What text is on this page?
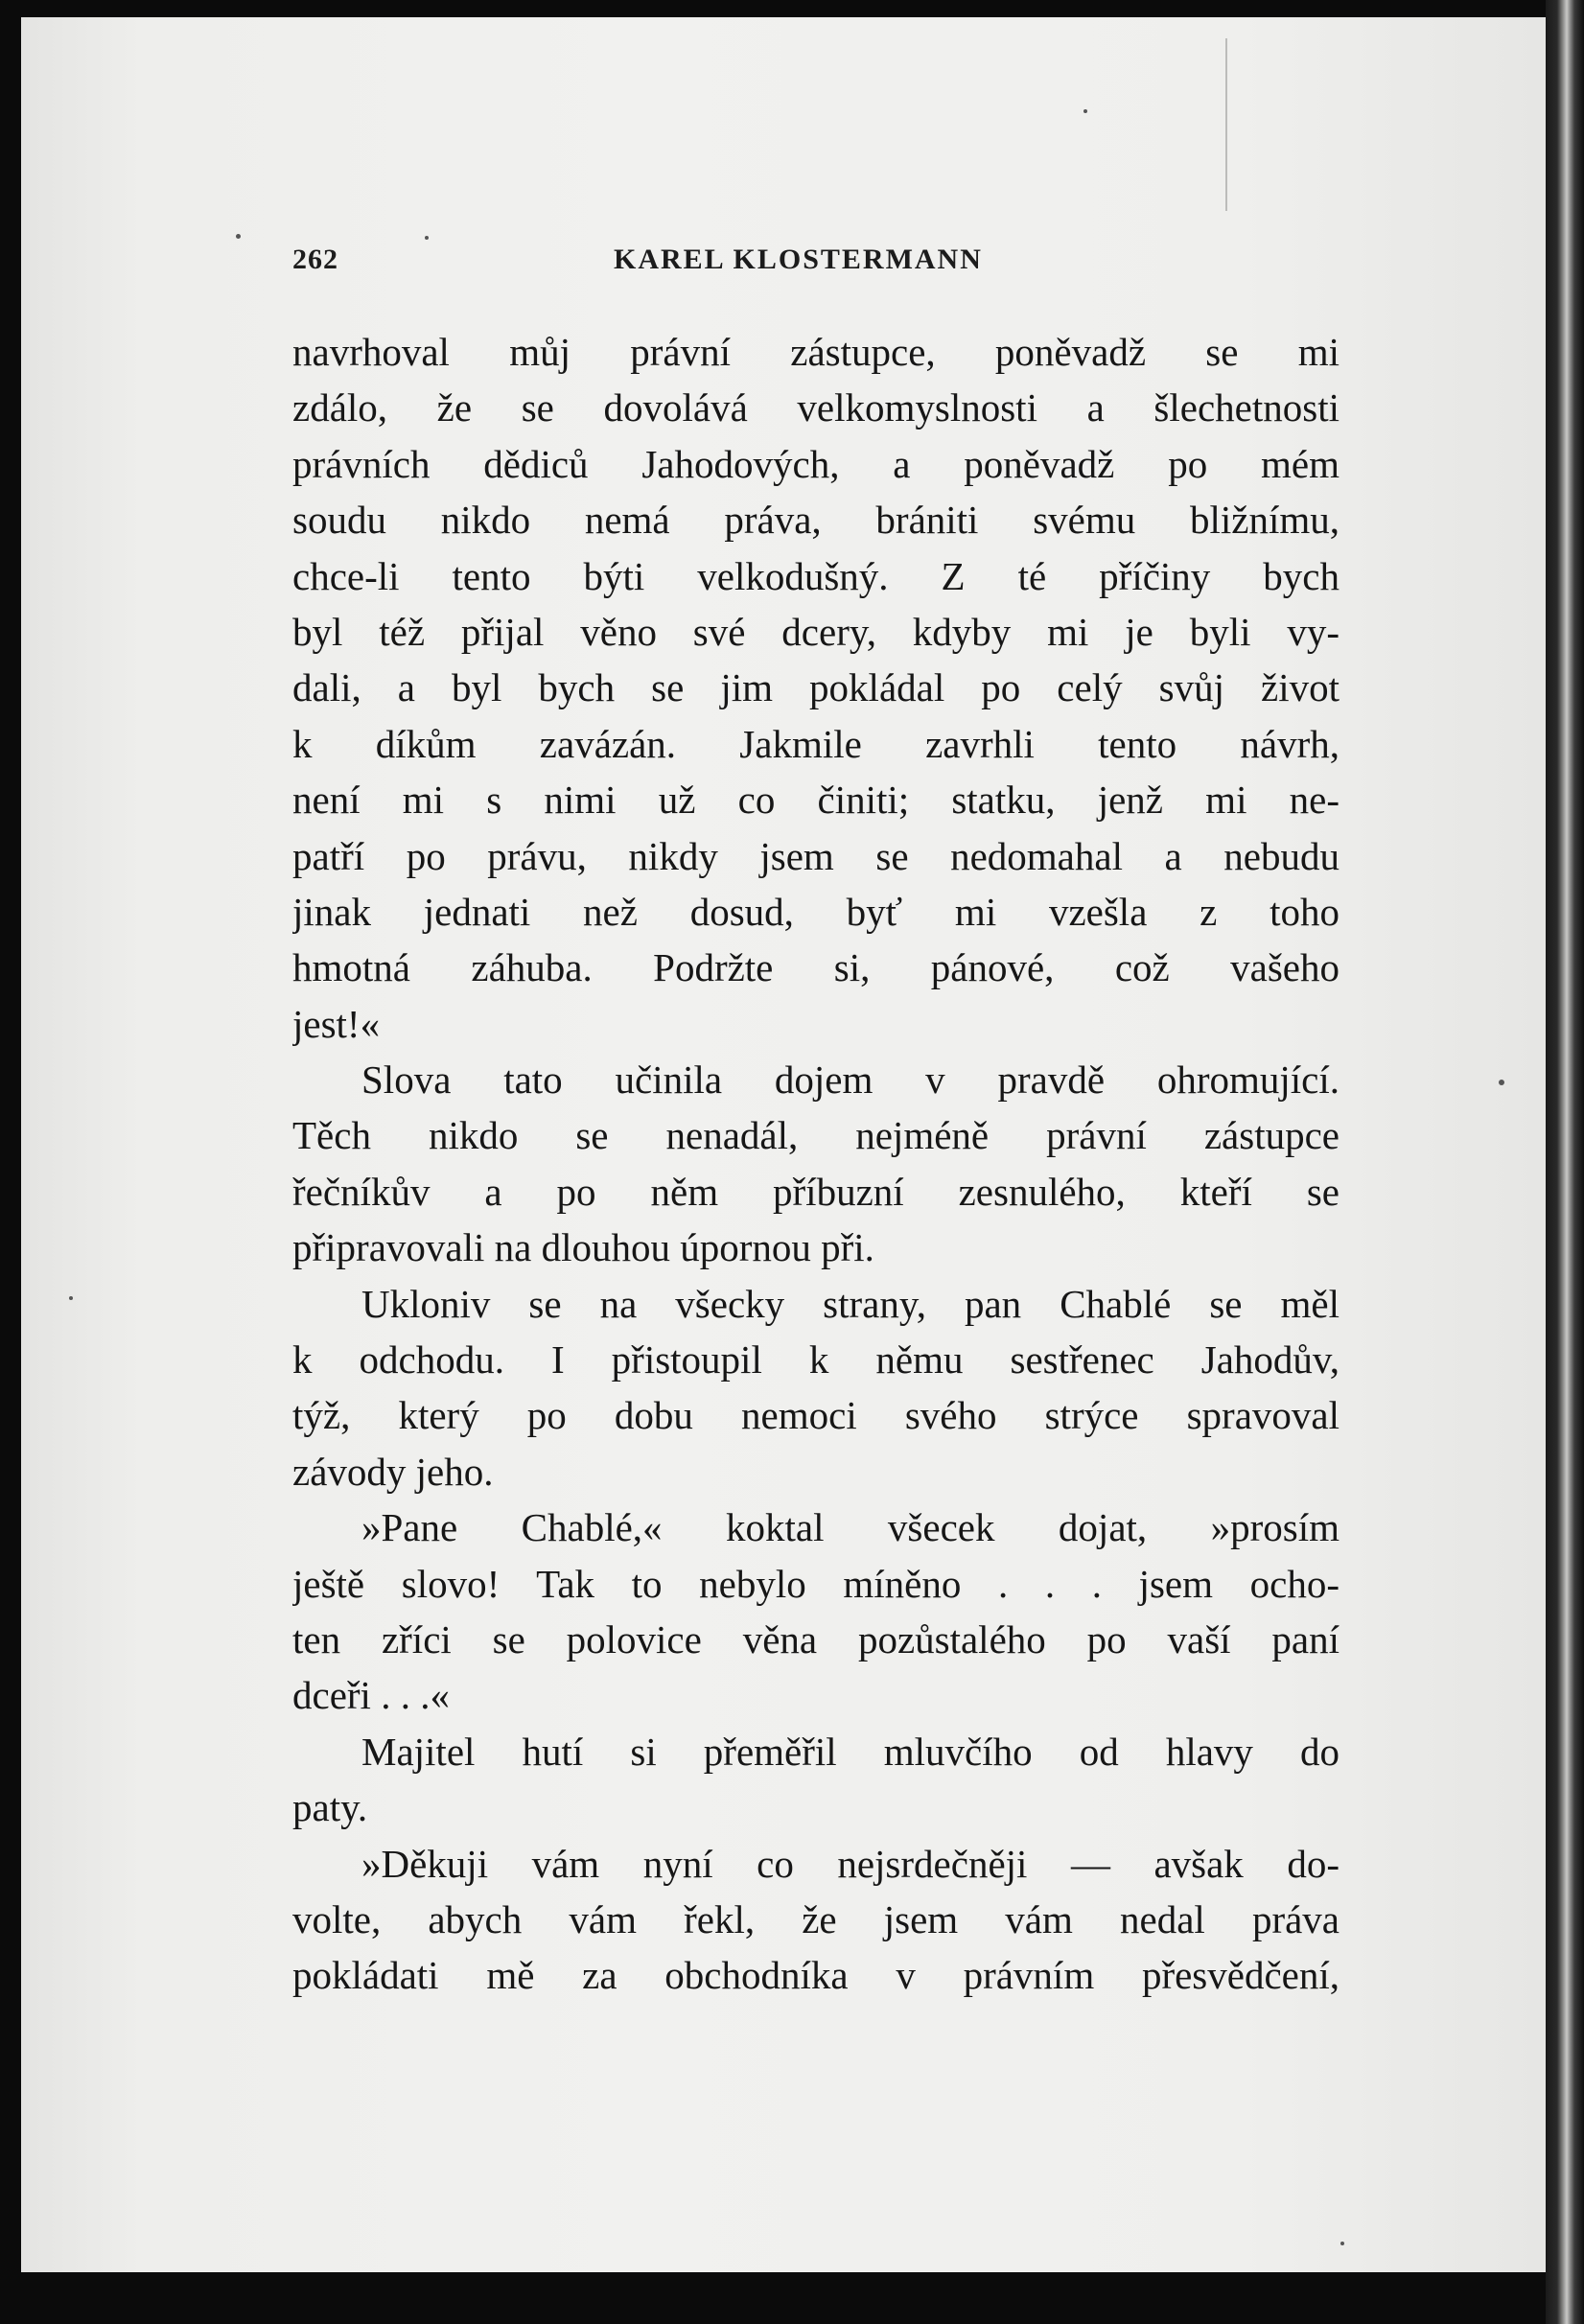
262	KAREL KLOSTERMANN
navrhoval můj právní zástupce, poněvadž se mi
zdálo, že se dovolává velkomyslnosti a šlechetnosti
právních dědiců Jahodových, a poněvadž po mém
soudu nikdo nemá práva, brániti svému bližnímu,
chce-li tento býti velkodušný. Z té příčiny bych
byl též přijal věno své dcery, kdyby mi je byli vy-
dali, a byl bych se jim pokládal po celý svůj život
k díkům zavázán. Jakmile zavrhli tento návrh,
není mi s nimi už co činiti; statku, jenž mi ne-
patří po právu, nikdy jsem se nedomahal a nebudu
jinak jednati než dosud, byť mi vzešla z toho
hmotná záhuba. Podržte si, pánové, což vašeho
jest!«
Slova tato učinila dojem v pravdě ohromující.
Těch nikdo se nenadál, nejméně právní zástupce
řečníkův a po něm příbuzní zesnulého, kteří se
připravovali na dlouhou úpornou při.
Ukloniv se na všecky strany, pan Chablé se měl
k odchodu. I přistoupil k němu sestřenec Jahodův,
týž, který po dobu nemoci svého strýce spravoval
závody jeho.
»Pane Chablé,« koktal všecek dojat, »prosím
ještě slovo! Tak to nebylo míněno . . . jsem ocho-
ten zříci se polovice věna pozůstalého po vaší paní
dceři . . .«
Majitel hutí si přeměřil mluvčího od hlavy do
paty.
»Děkuji vám nyní co nejsrdečněji — avšak do-
volte, abych vám řekl, že jsem vám nedal práva
pokládati mě za obchodníka v právním přesvědčení,
